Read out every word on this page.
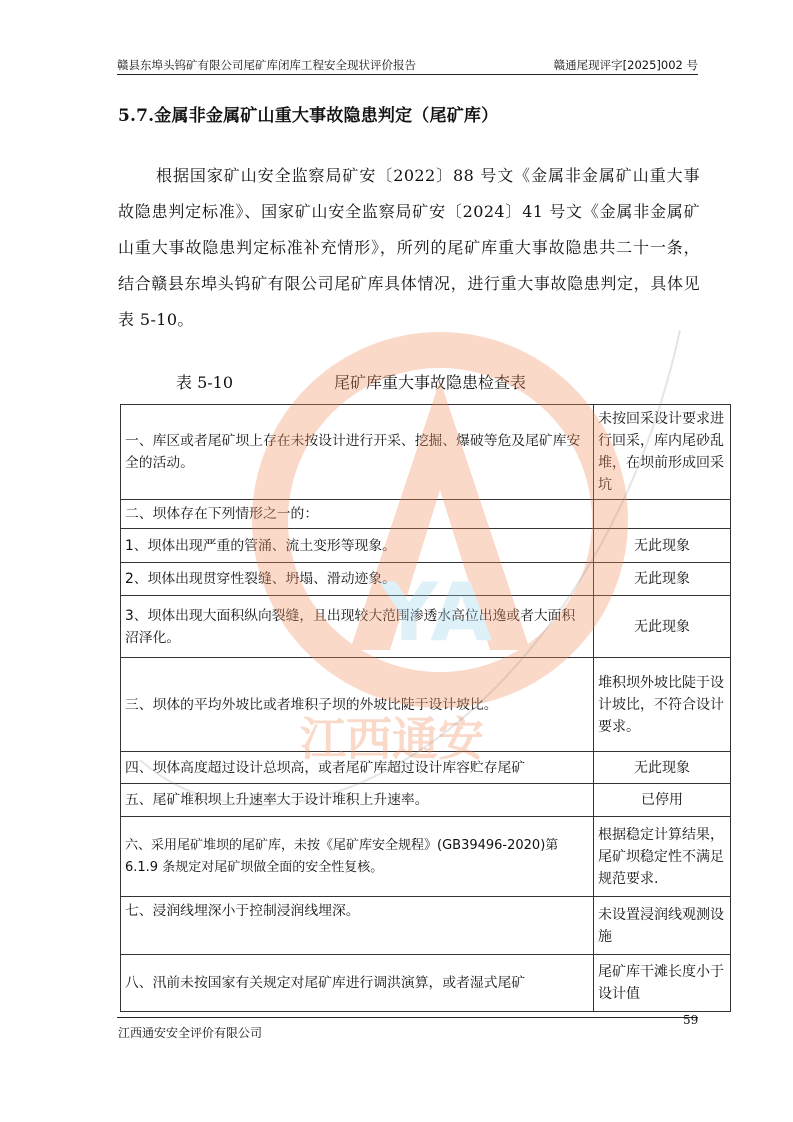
赣县东埠头钨矿有限公司尾矿库闭库工程安全现状评价报告	赣通尾现评字[2025]002 号
5.7.金属非金属矿山重大事故隐患判定（尾矿库）

根据国家矿山安全监察局矿安〔2022〕88 号文《金属非金属矿山重大事故隐患判定标准》、国家矿山安全监察局矿安〔2024〕41 号文《金属非金属矿山重大事故隐患判定标准补充情形》，所列的尾矿库重大事故隐患共二十一条，结合赣县东埠头钨矿有限公司尾矿库具体情况，进行重大事故隐患判定，具体见表 5-10。

表 5-10	尾矿库重大事故隐患检查表
一、库区或者尾矿坝上存在未按设计进行开采、挖掘、爆破等危及尾矿库安全的活动。	未按回采设计要求进行回采，库内尾砂乱堆，在坝前形成回采坑
二、坝体存在下列情形之一的：	
1、坝体出现严重的管涌、流土变形等现象。	无此现象
2、坝体出现贯穿性裂缝、坍塌、滑动迹象。	无此现象
3、坝体出现大面积纵向裂缝，且出现较大范围渗透水高位出逸或者大面积沼泽化。	无此现象
三、坝体的平均外坡比或者堆积子坝的外坡比陡于设计坡比。	堆积坝外坡比陡于设计坡比，不符合设计要求。
四、坝体高度超过设计总坝高，或者尾矿库超过设计库容贮存尾矿	无此现象
五、尾矿堆积坝上升速率大于设计堆积上升速率。	已停用
六、采用尾矿堆坝的尾矿库，未按《尾矿库安全规程》(GB39496-2020)第 6.1.9 条规定对尾矿坝做全面的安全性复核。	根据稳定计算结果，尾矿坝稳定性不满足规范要求.
七、浸润线埋深小于控制浸润线埋深。	未设置浸润线观测设施
八、汛前未按国家有关规定对尾矿库进行调洪演算，或者湿式尾矿	尾矿库干滩长度小于设计值
YA
江西通安
59
江西通安安全评价有限公司
